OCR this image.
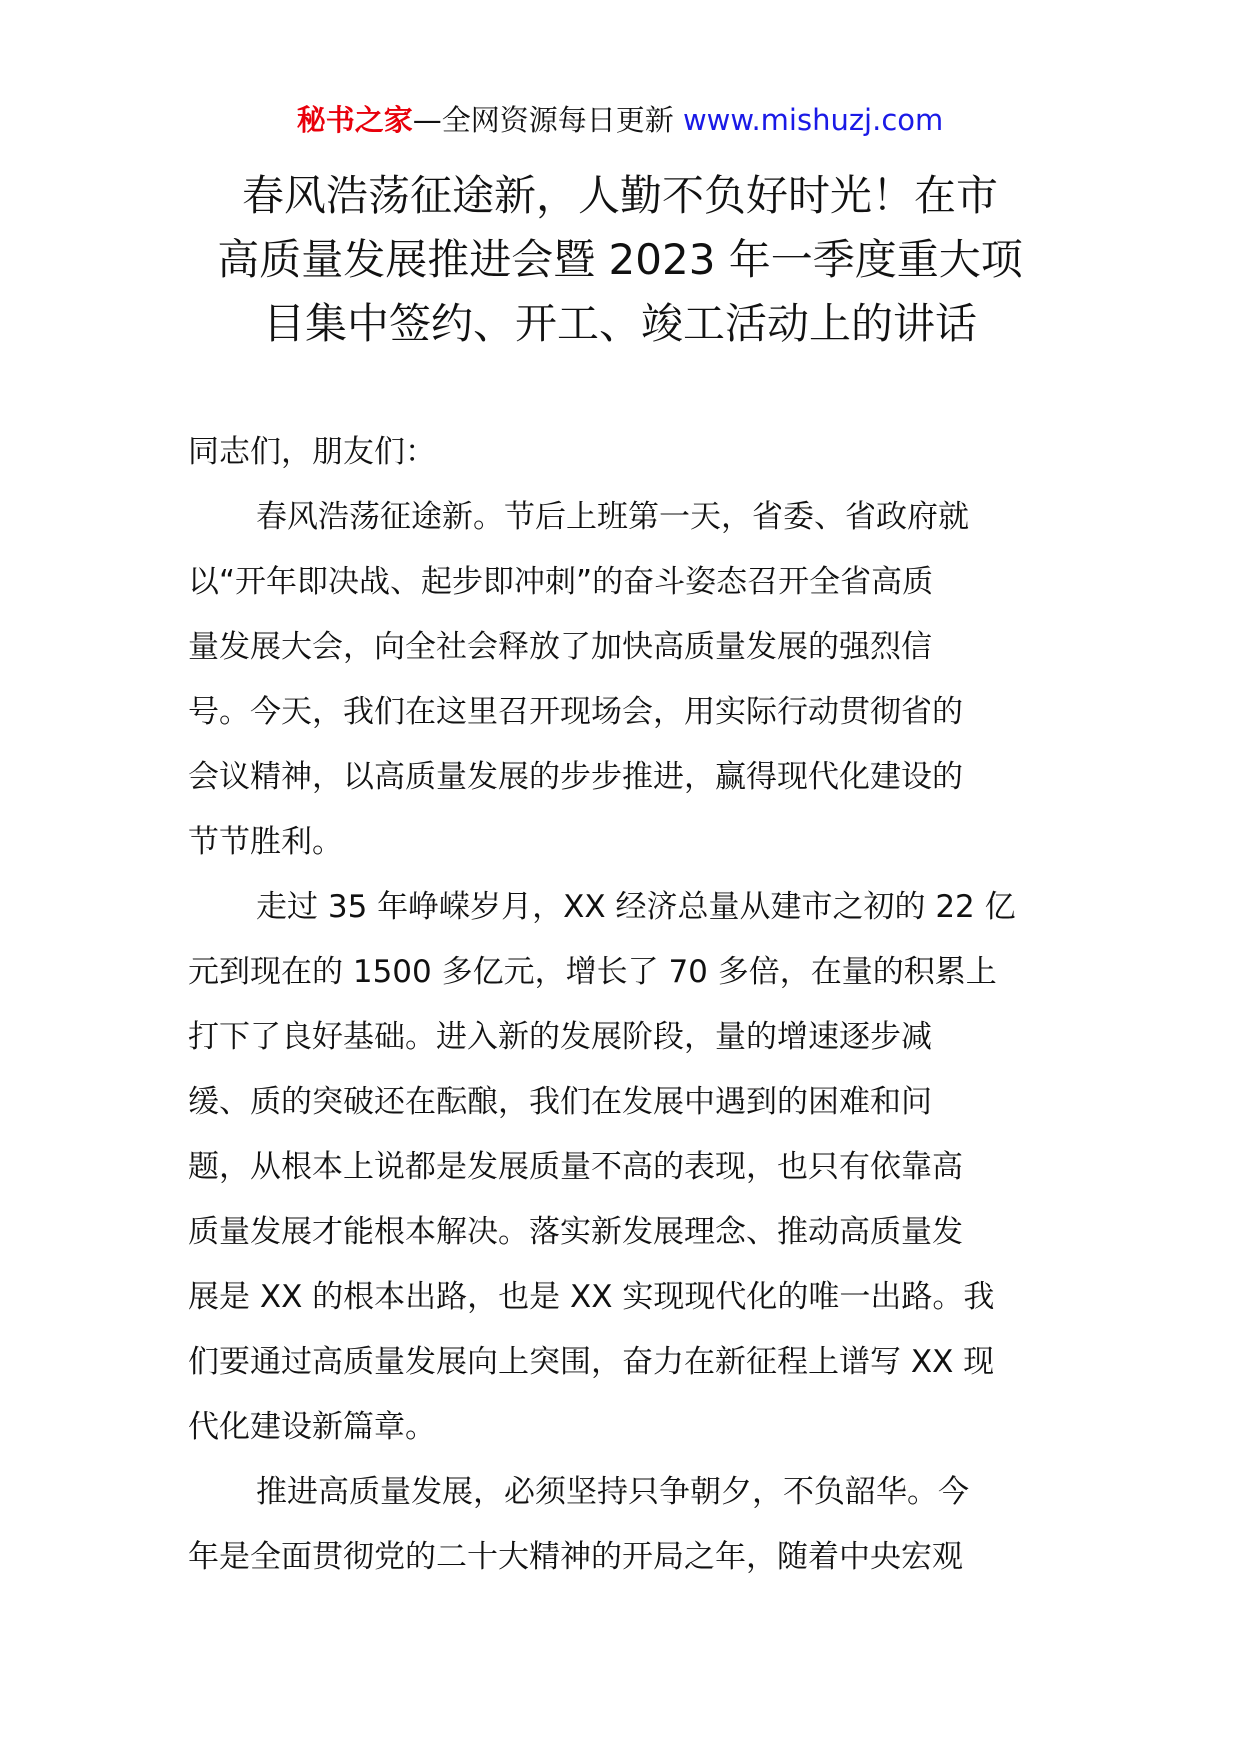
秘书之家—全网资源每日更新 www.mishuzj.com
春风浩荡征途新，人勤不负好时光！在市
高质量发展推进会暨 2023 年一季度重大项
目集中签约、开工、竣工活动上的讲话

同志们，朋友们：

春风浩荡征途新。节后上班第一天，省委、省政府就
以“开年即决战、起步即冲刺”的奋斗姿态召开全省高质
量发展大会，向全社会释放了加快高质量发展的强烈信
号。今天，我们在这里召开现场会，用实际行动贯彻省的
会议精神，以高质量发展的步步推进，赢得现代化建设的
节节胜利。

走过 35 年峥嵘岁月，XX 经济总量从建市之初的 22 亿
元到现在的 1500 多亿元，增长了 70 多倍，在量的积累上
打下了良好基础。进入新的发展阶段，量的增速逐步减
缓、质的突破还在酝酿，我们在发展中遇到的困难和问
题，从根本上说都是发展质量不高的表现，也只有依靠高
质量发展才能根本解决。落实新发展理念、推动高质量发
展是 XX 的根本出路，也是 XX 实现现代化的唯一出路。我
们要通过高质量发展向上突围，奋力在新征程上谱写 XX 现
代化建设新篇章。

推进高质量发展，必须坚持只争朝夕，不负韶华。今
年是全面贯彻党的二十大精神的开局之年，随着中央宏观
